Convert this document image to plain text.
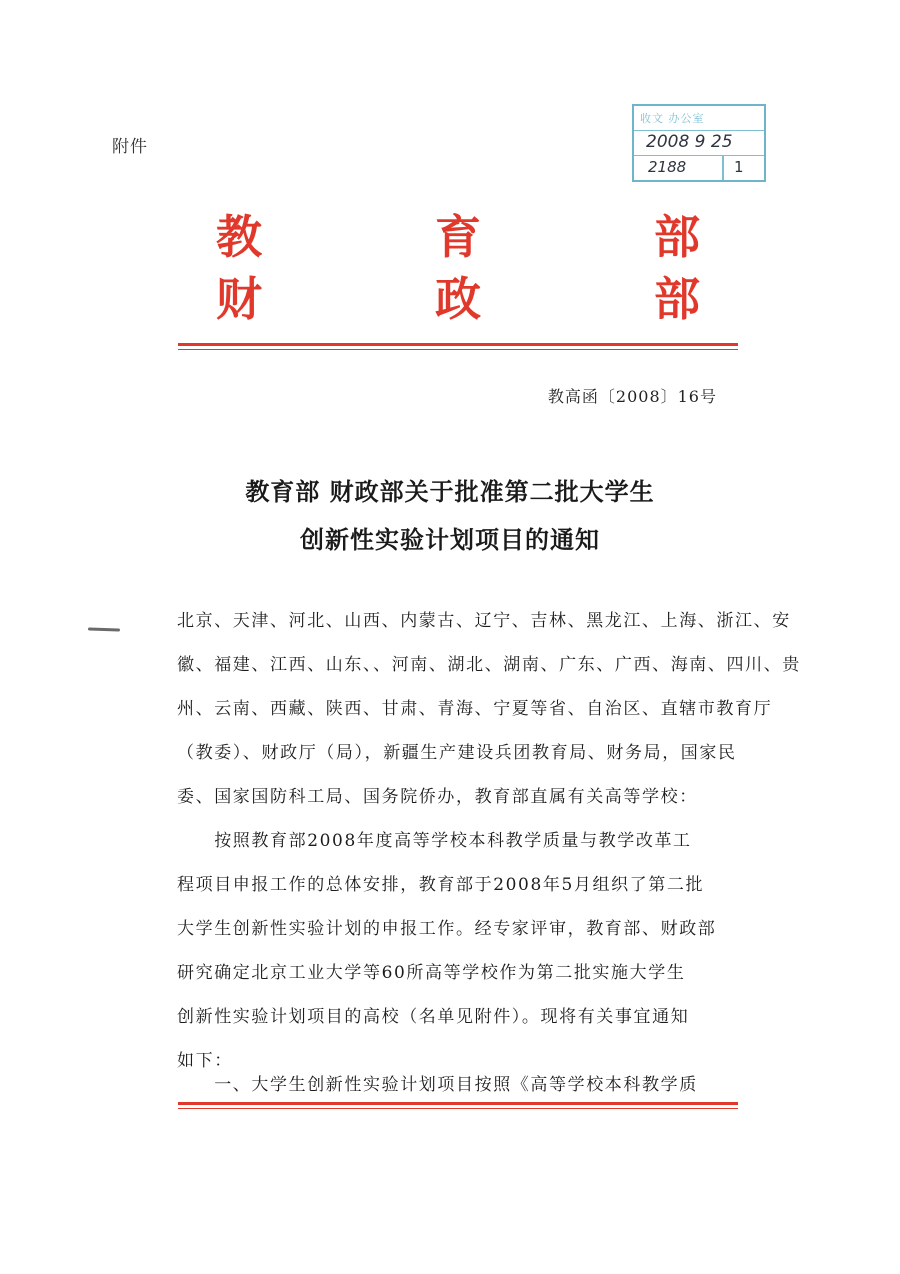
附件
收文 办公室
2008 9 25
2188	1
教	育	部
财	政	部
教高函〔2008〕16号
教育部 财政部关于批准第二批大学生
创新性实验计划项目的通知
北京、天津、河北、山西、内蒙古、辽宁、吉林、黑龙江、上海、浙江、安
徽、福建、江西、山东、、河南、湖北、湖南、广东、广西、海南、四川、贵
州、云南、西藏、陕西、甘肃、青海、宁夏等省、自治区、直辖市教育厅
（教委）、财政厅（局），新疆生产建设兵团教育局、财务局，国家民
委、国家国防科工局、国务院侨办，教育部直属有关高等学校：
　　按照教育部2008年度高等学校本科教学质量与教学改革工
程项目申报工作的总体安排，教育部于2008年5月组织了第二批
大学生创新性实验计划的申报工作。经专家评审，教育部、财政部
研究确定北京工业大学等60所高等学校作为第二批实施大学生
创新性实验计划项目的高校（名单见附件）。现将有关事宜通知
如下：
　　一、大学生创新性实验计划项目按照《高等学校本科教学质
